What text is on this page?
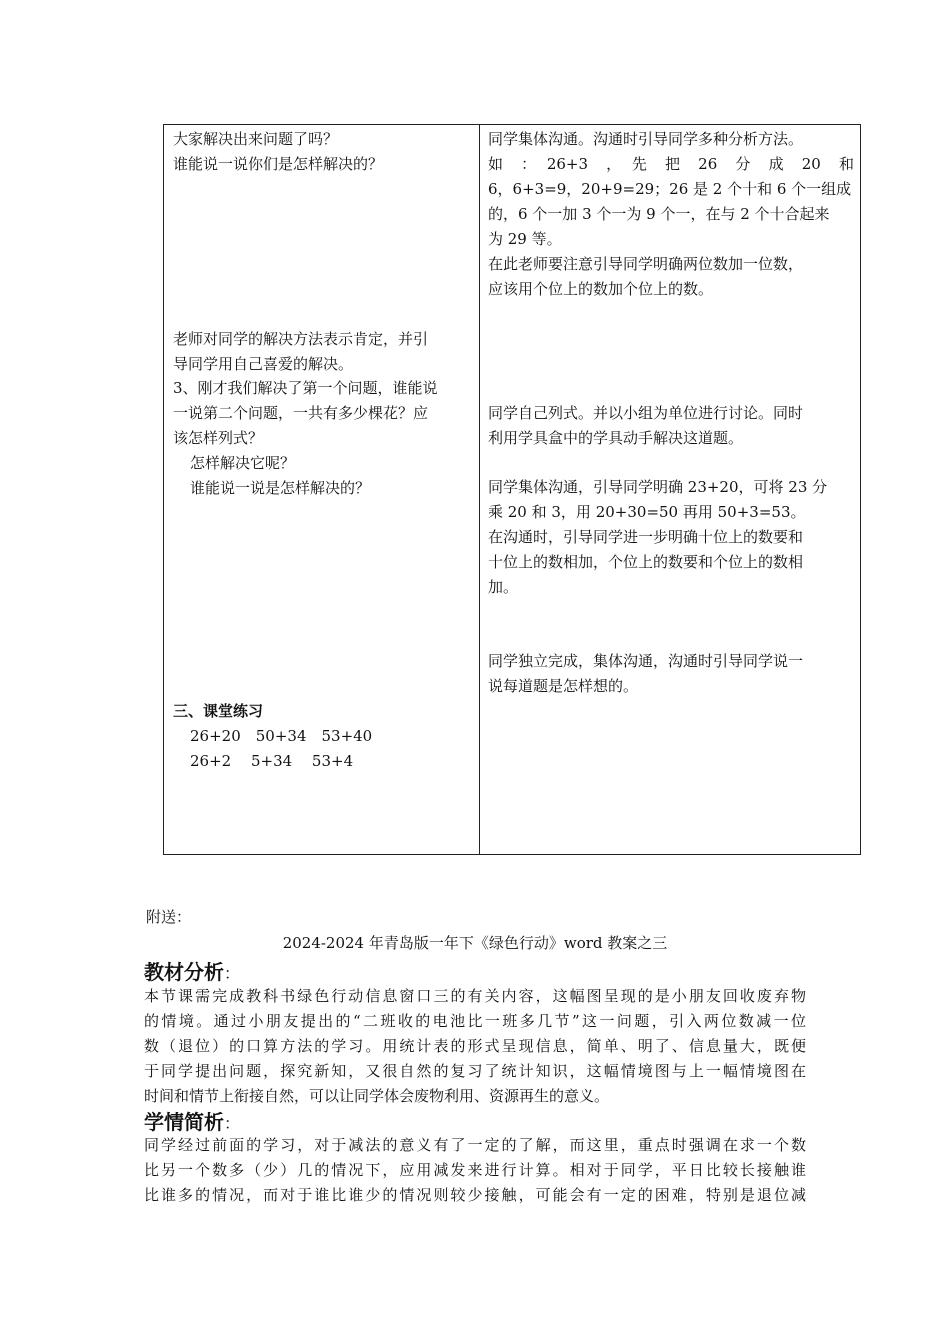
大家解决出来问题了吗？
谁能说一说你们是怎样解决的？
老师对同学的解决方法表示肯定，并引
导同学用自己喜爱的解决。
3、刚才我们解决了第一个问题，谁能说
一说第二个问题，一共有多少棵花？应
该怎样列式？
怎样解决它呢？
谁能说一说是怎样解决的？
三、课堂练习
26+20　50+34　53+40
26+2　 5+34　 53+4
同学集体沟通。沟通时引导同学多种分析方法。
如　：　26+3　，　先　把　26　分　成　20　和
6，6+3=9，20+9=29；26 是 2 个十和 6 个一组成
的，6 个一加 3 个一为 9 个一，在与 2 个十合起来
为 29 等。
在此老师要注意引导同学明确两位数加一位数，
应该用个位上的数加个位上的数。
同学自己列式。并以小组为单位进行讨论。同时
利用学具盒中的学具动手解决这道题。
同学集体沟通，引导同学明确 23+20，可将 23 分
乘 20 和 3，用 20+30=50 再用 50+3=53。
在沟通时，引导同学进一步明确十位上的数要和
十位上的数相加，个位上的数要和个位上的数相
加。
同学独立完成，集体沟通，沟通时引导同学说一
说每道题是怎样想的。
附送：
2024-2024 年青岛版一年下《绿色行动》word 教案之三
教材分析：
本节课需完成教科书绿色行动信息窗口三的有关内容，这幅图呈现的是小朋友回收废弃物
的情境。通过小朋友提出的“二班收的电池比一班多几节”这一问题，引入两位数减一位
数（退位）的口算方法的学习。用统计表的形式呈现信息，简单、明了、信息量大，既便
于同学提出问题，探究新知，又很自然的复习了统计知识，这幅情境图与上一幅情境图在
时间和情节上衔接自然，可以让同学体会废物利用、资源再生的意义。
学情简析：
同学经过前面的学习，对于减法的意义有了一定的了解，而这里，重点时强调在求一个数
比另一个数多（少）几的情况下，应用减发来进行计算。相对于同学，平日比较长接触谁
比谁多的情况，而对于谁比谁少的情况则较少接触，可能会有一定的困难，特别是退位减
